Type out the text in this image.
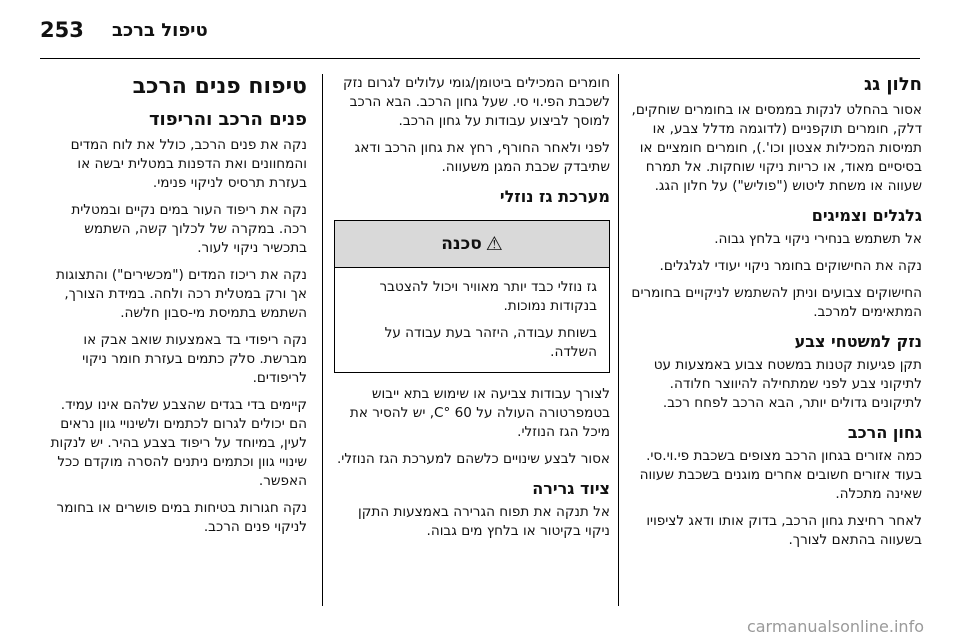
253 טיפול ברכב
חלון גג

אסור בהחלט לנקות בממסים או בחומרים שוחקים, דלק, חומרים תוקפניים (לדוגמה מדלל צבע, או תמיסות המכילות אצטון וכו'.), חומרים חומציים או בסיסיים מאוד, או כריות ניקוי שוחקות. אל תמרח שעווה או משחת ליטוש ("פוליש") על חלון הגג.

גלגלים וצמיגים

אל תשתמש בנחירי ניקוי בלחץ גבוה.

נקה את החישוקים בחומר ניקוי יעודי לגלגלים.

החישוקים צבועים וניתן להשתמש לניקויים בחומרים המתאימים למרכב.

נזק למשטחי צבע

תקן פגיעות קטנות במשטח צבוע באמצעות עט לתיקוני צבע לפני שמתחילה להיווצר חלודה. לתיקונים גדולים יותר, הבא הרכב לפחח רכב.

גחון הרכב

כמה אזורים בגחון הרכב מצופים בשכבת פי.וי.סי. בעוד אזורים חשובים אחרים מוגנים בשכבת שעווה שאינה מתכלה.

לאחר רחיצת גחון הרכב, בדוק אותו ודאג לציפויו בשעווה בהתאם לצורך.

חומרים המכילים ביטומן/גומי עלולים לגרום נזק לשכבת הפי.וי סי. שעל גחון הרכב. הבא הרכב למוסך לביצוע עבודות על גחון הרכב.

לפני ולאחר החורף, רחץ את גחון הרכב ודאג שתיבדק שכבת המגן משעווה.

מערכת גז נוזלי
⚠
סכנה

גז נוזלי כבד יותר מאוויר ויכול להצטבר בנקודות נמוכות.

בשוחת עבודה, היזהר בעת עבודה על השלדה.

לצורך עבודות צביעה או שימוש בתא ייבוש בטמפרטורה העולה על 60 °C, יש להסיר את מיכל הגז הנוזלי.

אסור לבצע שינויים כלשהם למערכת הגז הנוזלי.

ציוד גרירה

אל תנקה את תפוח הגרירה באמצעות התקן ניקוי בקיטור או בלחץ מים גבוה.

טיפוח פנים הרכב
פנים הרכב והריפוד

נקה את פנים הרכב, כולל את לוח המדים והמחוונים ואת הדפנות במטלית יבשה או בעזרת תרסיס לניקוי פנימי.

נקה את ריפוד העור במים נקיים ובמטלית רכה. במקרה של לכלוך קשה, השתמש בתכשיר ניקוי לעור.

נקה את ריכוז המדים ("מכשירים") והתצוגות אך ורק במטלית רכה ולחה. במידת הצורך, השתמש בתמיסת מי-סבון חלשה.

נקה ריפודי בד באמצעות שואב אבק או מברשת. סלק כתמים בעזרת חומר ניקוי לריפודים.

קיימים בדי בגדים שהצבע שלהם אינו עמיד. הם יכולים לגרום לכתמים ולשינויי גוון נראים לעין, במיוחד על ריפוד בצבע בהיר. יש לנקות שינויי גוון וכתמים ניתנים להסרה מוקדם ככל האפשר.

נקה חגורות בטיחות במים פושרים או בחומר לניקוי פנים הרכב.

carmanualsonline.info
